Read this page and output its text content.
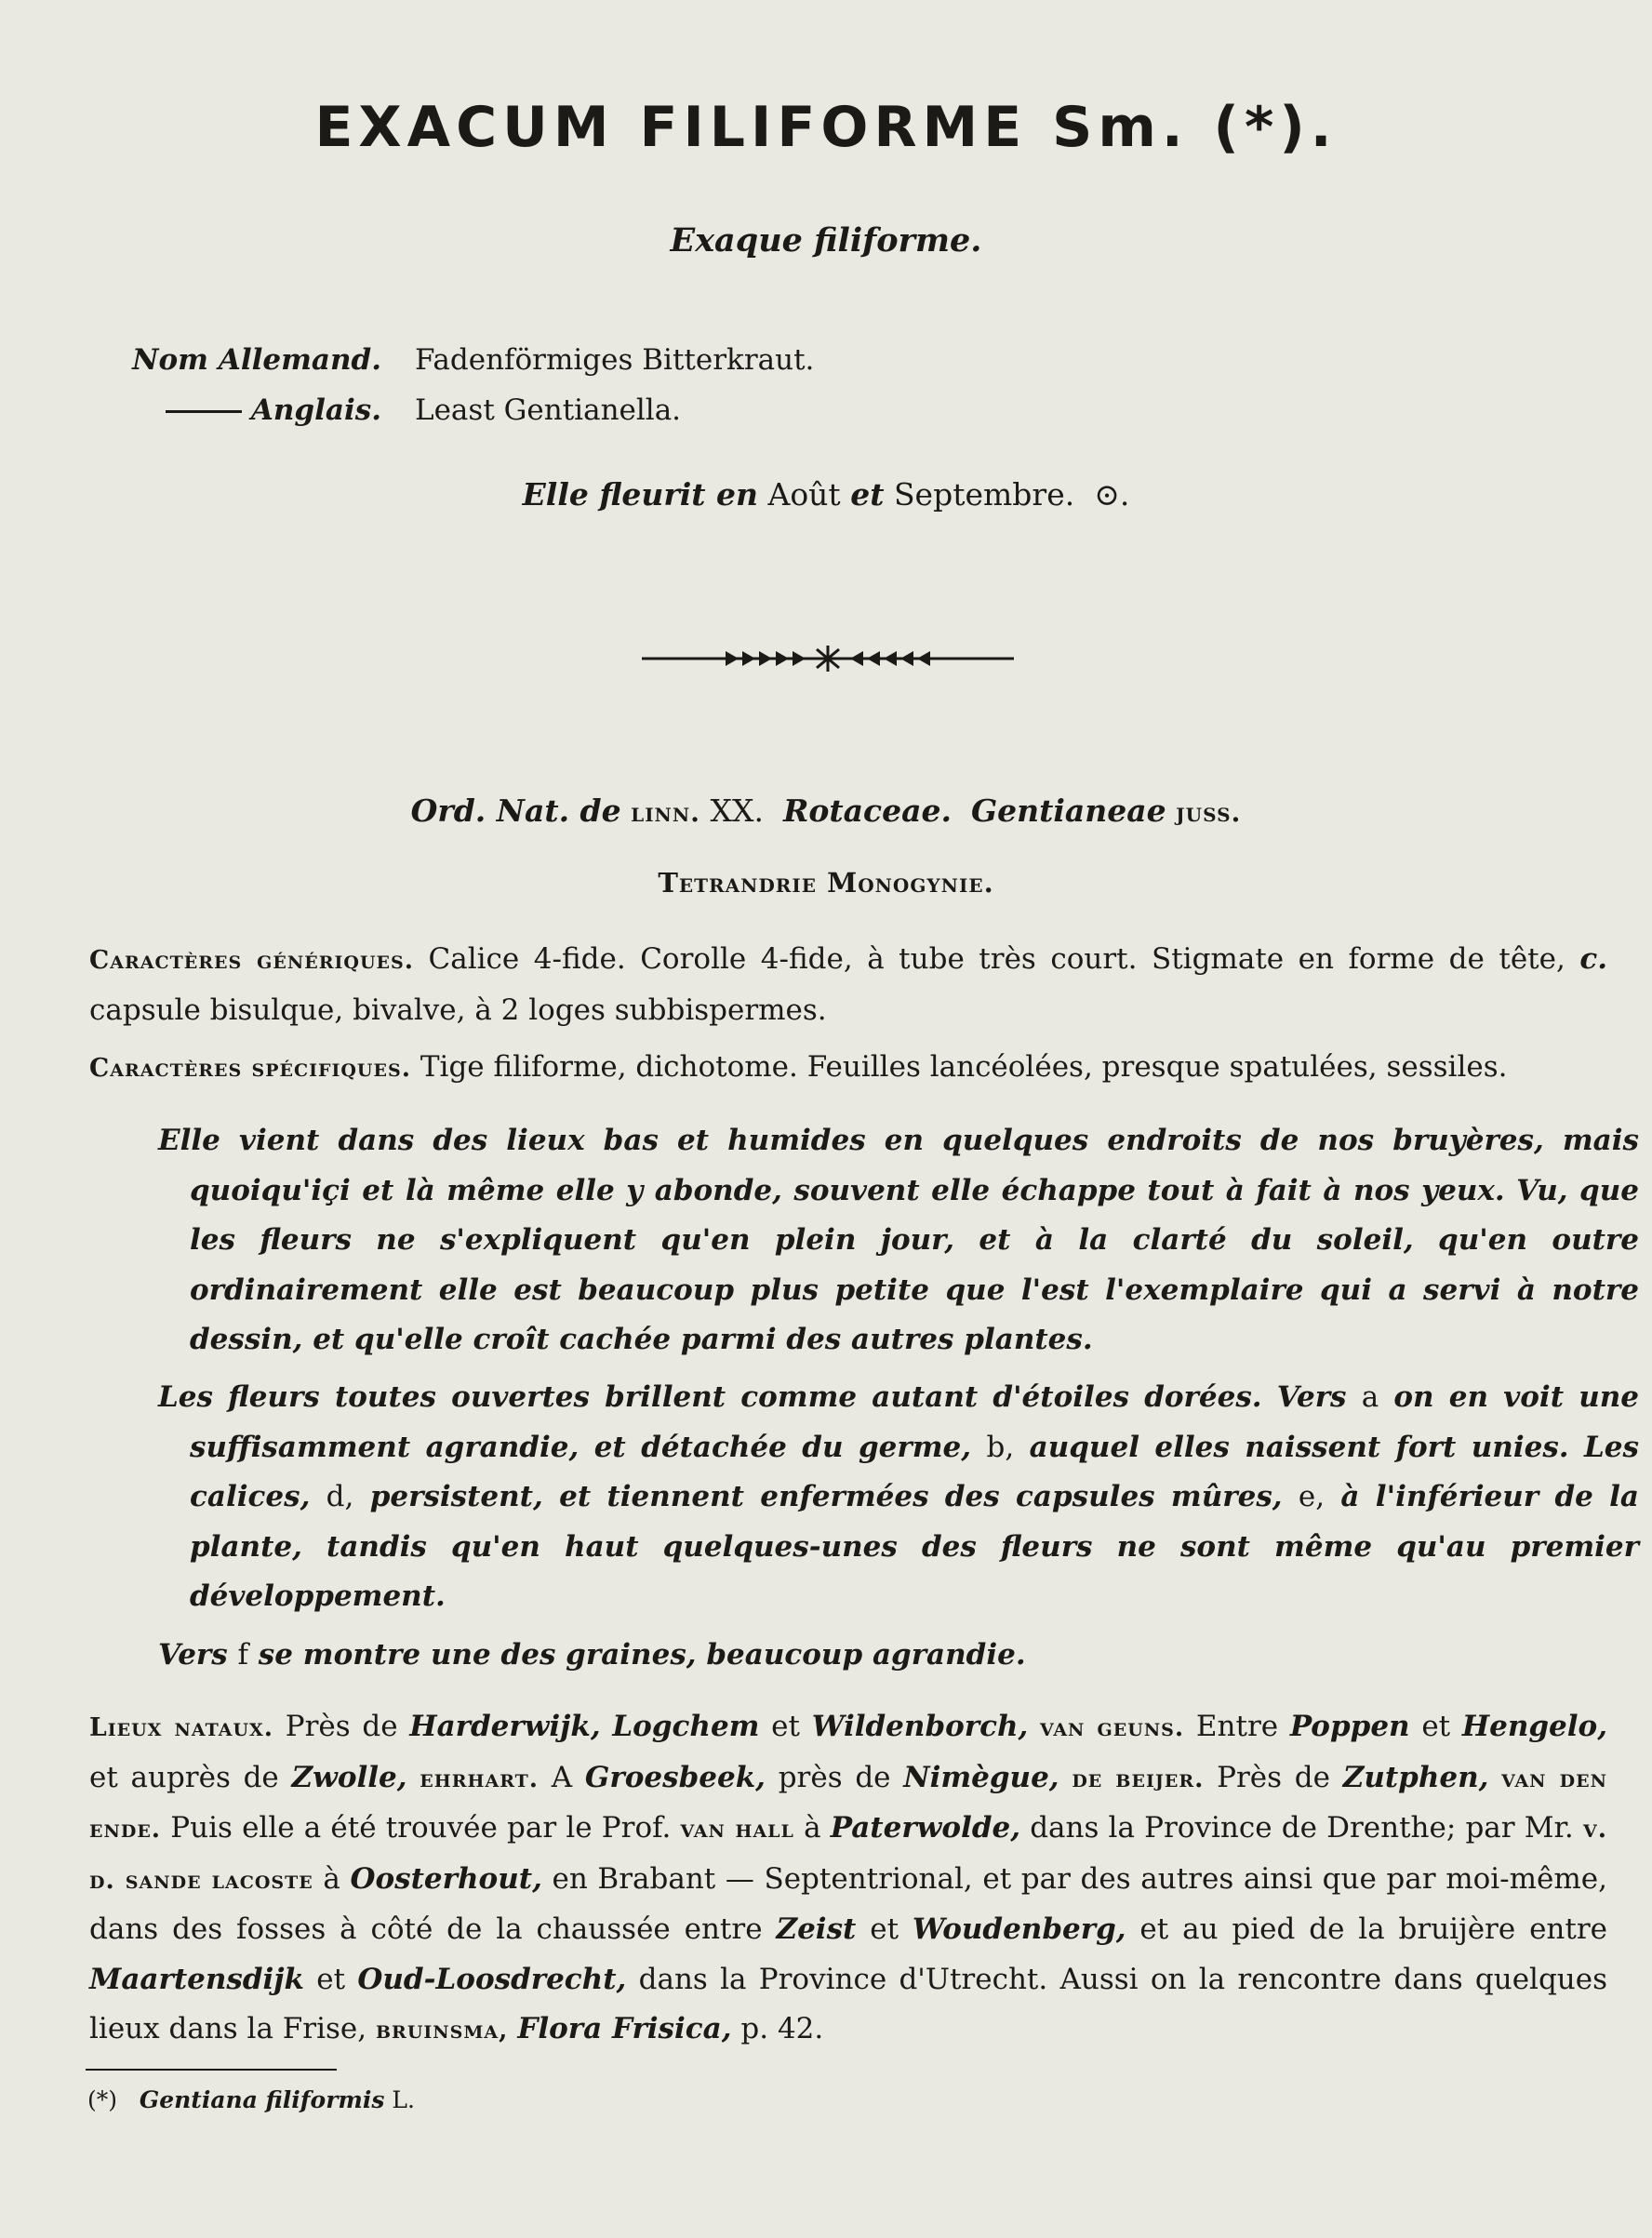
EXACUM FILIFORME Sm. (*).
Exaque filiforme.
Nom Allemand. Fadenförmiges Bitterkraut.
Anglais. Least Gentianella.
Elle fleurit en Août et Septembre. ⊙.
Ord. Nat. de linn. XX. Rotaceae. Gentianeae juss.
Tetrandrie Monogynie.
Caractères génériques. Calice 4-fide. Corolle 4-fide, à tube très court. Stigmate en forme de tête, c. capsule bisulque, bivalve, à 2 loges subbispermes.
Caractères spécifiques. Tige filiforme, dichotome. Feuilles lancéolées, presque spatulées, sessiles.
Elle vient dans des lieux bas et humides en quelques endroits de nos bruyères, mais quoiqu'içi et là même elle y abonde, souvent elle échappe tout à fait à nos yeux. Vu, que les fleurs ne s'expliquent qu'en plein jour, et à la clarté du soleil, qu'en outre ordinairement elle est beaucoup plus petite que l'est l'exemplaire qui a servi à notre dessin, et qu'elle croît cachée parmi des autres plantes.
Les fleurs toutes ouvertes brillent comme autant d'étoiles dorées. Vers a on en voit une suffisamment agrandie, et détachée du germe, b, auquel elles naissent fort unies. Les calices, d, persistent, et tiennent enfermées des capsules mûres, e, à l'inférieur de la plante, tandis qu'en haut quelques-unes des fleurs ne sont même qu'au premier développement.
Vers f se montre une des graines, beaucoup agrandie.
Lieux nataux. Près de Harderwijk, Logchem et Wildenborch, van geuns. Entre Poppen et Hengelo, et auprès de Zwolle, ehrhart. A Groesbeek, près de Nimègue, de beijer. Près de Zutphen, van den ende. Puis elle a été trouvée par le Prof. van hall à Paterwolde, dans la Province de Drenthe; par Mr. v. d. sande lacoste à Oosterhout, en Brabant — Septentrional, et par des autres ainsi que par moi-même, dans des fosses à côté de la chaussée entre Zeist et Woudenberg, et au pied de la bruijère entre Maartensdijk et Oud-Loosdrecht, dans la Province d'Utrecht. Aussi on la rencontre dans quelques lieux dans la Frise, bruinsma, Flora Frisica, p. 42.
(*) Gentiana filiformis L.
